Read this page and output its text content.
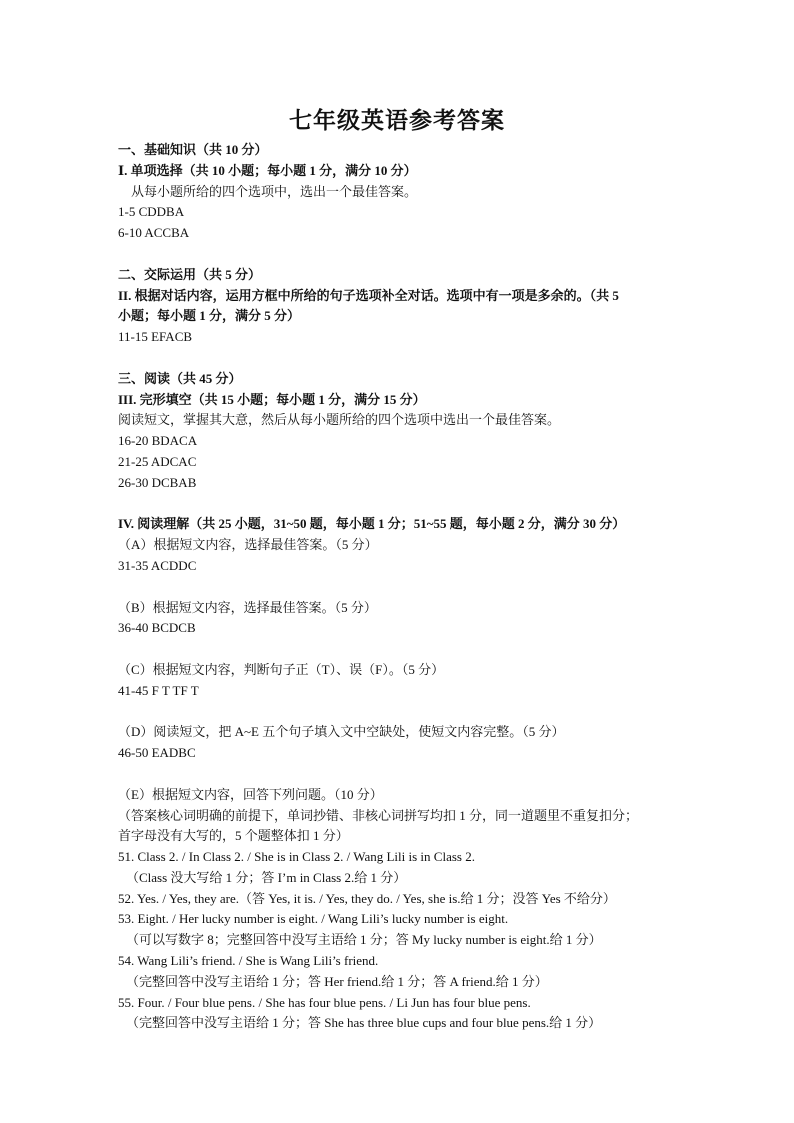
七年级英语参考答案
一、基础知识（共 10 分）
Ⅰ. 单项选择（共 10 小题；每小题 1 分，满分 10 分）
从每小题所给的四个选项中，选出一个最佳答案。
1-5 CDDBA
6-10 ACCBA
二、交际运用（共 5 分）
II. 根据对话内容，运用方框中所给的句子选项补全对话。选项中有一项是多余的。（共 5
小题；每小题 1 分，满分 5 分）
11-15 EFACB
三、阅读（共 45 分）
III. 完形填空（共 15 小题；每小题 1 分，满分 15 分）
阅读短文，掌握其大意，然后从每小题所给的四个选项中选出一个最佳答案。
16-20 BDACA
21-25 ADCAC
26-30 DCBAB
IV. 阅读理解（共 25 小题，31~50 题，每小题 1 分；51~55 题，每小题 2 分，满分 30 分）
（A）根据短文内容，选择最佳答案。（5 分）
31-35 ACDDC
（B）根据短文内容，选择最佳答案。（5 分）
36-40 BCDCB
（C）根据短文内容，判断句子正（T）、误（F）。（5 分）
41-45 F T TF T
（D）阅读短文，把 A~E 五个句子填入文中空缺处，使短文内容完整。（5 分）
46-50 EADBC
（E）根据短文内容，回答下列问题。（10 分）
（答案核心词明确的前提下，单词抄错、非核心词拼写均扣 1 分，同一道题里不重复扣分；
首字母没有大写的，5 个题整体扣 1 分）
51. Class 2. / In Class 2. / She is in Class 2. / Wang Lili is in Class 2.
（Class 没大写给 1 分；答 I’m in Class 2.给 1 分）
52. Yes. / Yes, they are.（答 Yes, it is. / Yes, they do. / Yes, she is.给 1 分；没答 Yes 不给分）
53. Eight. / Her lucky number is eight. / Wang Lili’s lucky number is eight.
（可以写数字 8；完整回答中没写主语给 1 分；答 My lucky number is eight.给 1 分）
54. Wang Lili’s friend. / She is Wang Lili’s friend.
（完整回答中没写主语给 1 分；答 Her friend.给 1 分；答 A friend.给 1 分）
55. Four. / Four blue pens. / She has four blue pens. / Li Jun has four blue pens.
（完整回答中没写主语给 1 分；答 She has three blue cups and four blue pens.给 1 分）
